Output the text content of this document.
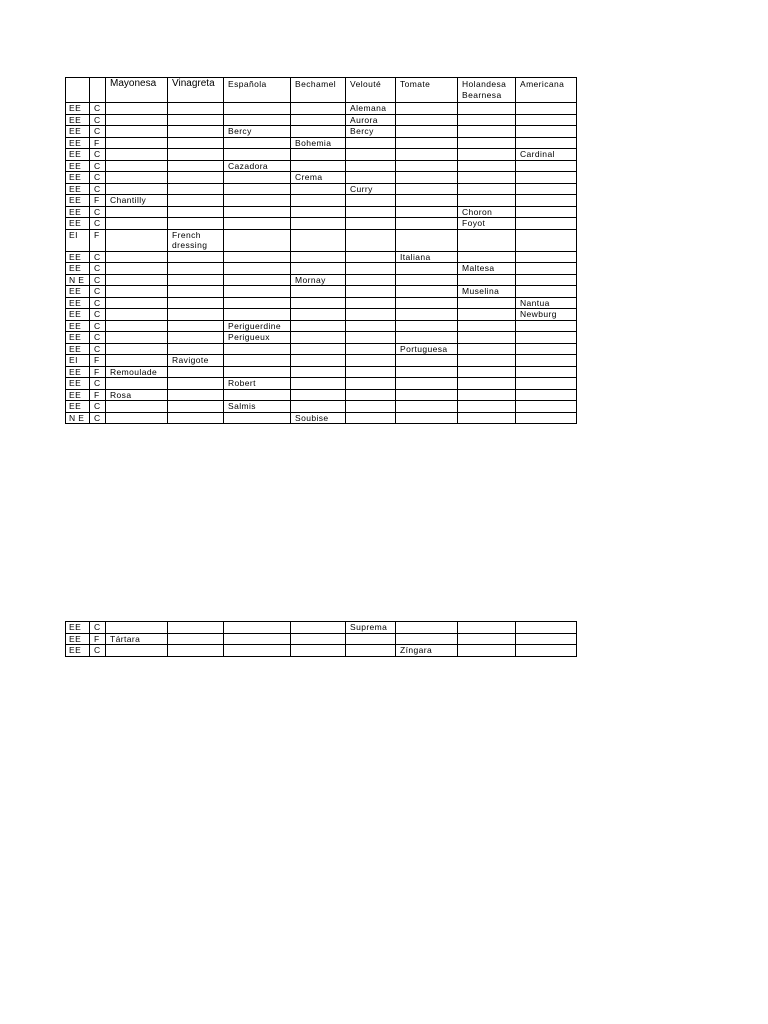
		Mayonesa	Vinagreta	Española	Bechamel	Velouté	Tomate	Holandesa Bearnesa	Americana
EE	C					Alemana			
EE	C					Aurora			
EE	C			Bercy		Bercy			
EE	F				Bohemia				
EE	C								Cardinal
EE	C			Cazadora					
EE	C				Crema				
EE	C					Curry			
EE	F	Chantilly							
EE	C							Choron	
EE	C							Foyot	
EI	F		French dressing						
EE	C						Italiana		
EE	C							Maltesa	
N E	C				Mornay				
EE	C							Muselina	
EE	C								Nantua
EE	C								Newburg
EE	C			Periguerdine					
EE	C			Perigueux					
EE	C						Portuguesa		
EI	F		Ravigote						
EE	F	Remoulade							
EE	C			Robert					
EE	F	Rosa							
EE	C			Salmis					
N E	C				Soubise				
EE	C					Suprema			
EE	F	Tártara							
EE	C						Zíngara		
